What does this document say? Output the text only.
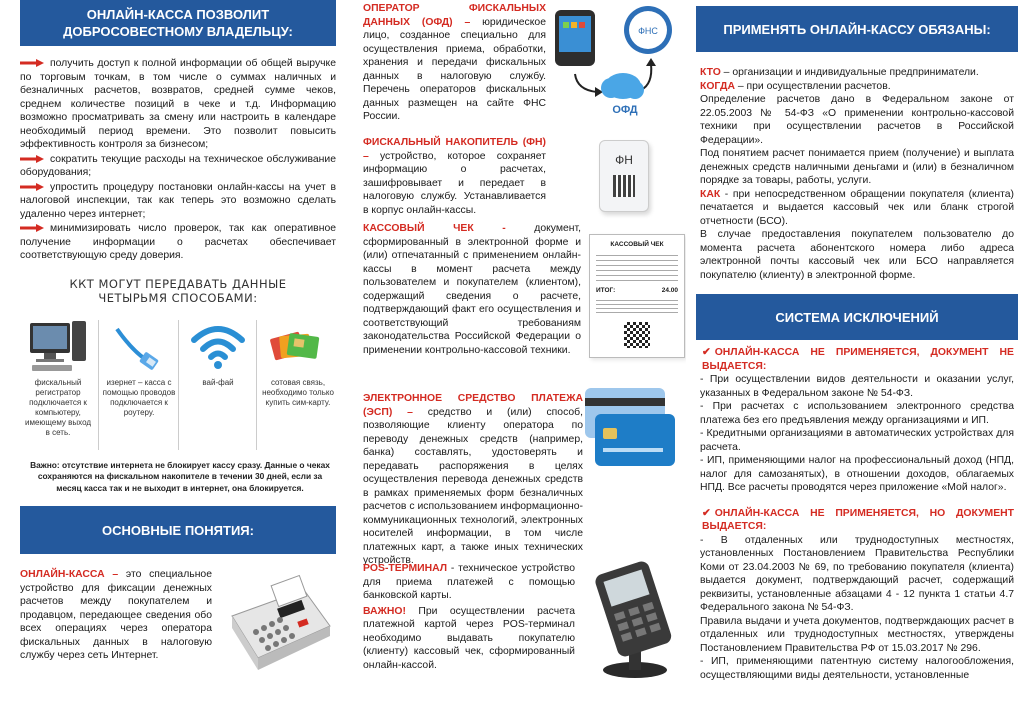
ОНЛАЙН-КАССА ПОЗВОЛИТ
ДОБРОСОВЕСТНОМУ ВЛАДЕЛЬЦУ:

получить доступ к полной информации об общей выручке по торговым точкам, в том числе о суммах наличных и безналичных расчетов, возвратов, средней сумме чеков, среднем количестве позиций в чеке и т.д. Информацию возможно просматривать за смену или настроить в календаре необходимый период времени. Это позволит повысить эффективность контроля за бизнесом;

сократить текущие расходы на техническое обслуживание оборудования;

упростить процедуру постановки онлайн-кассы на учет в налоговой инспекции, так как теперь это возможно сделать удаленно через интернет;

минимизировать число проверок, так как оперативное получение информации о расчетах обеспечивает соответствующую среду доверия.

ККТ МОГУТ ПЕРЕДАВАТЬ ДАННЫЕ
ЧЕТЫРЬМЯ СПОСОБАМИ:
фискальный регистратор подключается к компьютеру, имеющему выход в сеть.
изернет – касса с помощью проводов подключается к роутеру.
вай-фай	сотовая связь, необходимо только купить сим-карту.
Важно: отсутствие интернета не блокирует кассу сразу. Данные о чеках сохраняются на фискальном накопителе в течении 30 дней, если за месяц касса так и не выходит в интернет, она блокируется.
ОСНОВНЫЕ ПОНЯТИЯ:

ОНЛАЙН-КАССА – это специальное устройство для фиксации денежных расчетов между покупателем и продавцом, передающее сведения обо всех операциях через оператора фискальных данных в налоговую службу через сеть Интернет.

ОПЕРАТОР ФИСКАЛЬНЫХ ДАННЫХ (ОФД) – юридическое лицо, созданное специально для осуществления приема, обработки, хранения и передачи фискальных данных в налоговую службу. Перечень операторов фискальных данных размещен на сайте ФНС России.

ФНС
ОФД

ФИСКАЛЬНЫЙ НАКОПИТЕЛЬ (ФН) – устройство, которое сохраняет информацию о расчетах, зашифровывает и передает в налоговую службу. Устанавливается в корпус онлайн-кассы.

ФН

КАССОВЫЙ ЧЕК - документ, сформированный в электронной форме и (или) отпечатанный с применением онлайн-кассы в момент расчета между пользователем и покупателем (клиентом), содержащий сведения о расчете, подтверждающий факт его осуществления и соответствующий требованиям законодательства Российской Федерации о применении контрольно-кассовой техники.

КАССОВЫЙ ЧЕК
ИТОГ:	24.00

ЭЛЕКТРОННОЕ СРЕДСТВО ПЛАТЕЖА (ЭСП) – средство и (или) способ, позволяющие клиенту оператора по переводу денежных средств (например, банка) составлять, удостоверять и передавать распоряжения в целях осуществления перевода денежных средств в рамках применяемых форм безналичных расчетов с использованием информационно-коммуникационных технологий, электронных носителей информации, в том числе платежных карт, а также иных технических устройств.

POS-ТЕРМИНАЛ - техническое устройство для приема платежей с помощью банковской карты.

ВАЖНО! При осуществлении расчета платежной картой через POS-терминал необходимо выдавать покупателю (клиенту) кассовый чек, сформированный онлайн-кассой.

ПРИМЕНЯТЬ ОНЛАЙН-КАССУ ОБЯЗАНЫ:

КТО – организации и индивидуальные предприниматели.

КОГДА – при осуществлении расчетов.

Определение расчетов дано в Федеральном законе от 22.05.2003 № 54-ФЗ «О применении контрольно-кассовой техники при осуществлении расчетов в Российской Федерации».

Под понятием расчет понимается прием (получение) и выплата денежных средств наличными деньгами и (или) в безналичном порядке за товары, работы, услуги.

КАК - при непосредственном обращении покупателя (клиента) печатается и выдается кассовый чек или бланк строгой отчетности (БСО).

В случае предоставления покупателем пользователю до момента расчета абонентского номера либо адреса электронной почты кассовый чек или БСО направляется покупателю (клиенту) в электронной форме.

СИСТЕМА ИСКЛЮЧЕНИЙ

✔ ОНЛАЙН-КАССА НЕ ПРИМЕНЯЕТСЯ, ДОКУМЕНТ НЕ ВЫДАЕТСЯ:

- При осуществлении видов деятельности и оказании услуг, указанных в Федеральном законе № 54-ФЗ.

- При расчетах с использованием электронного средства платежа без его предъявления между организациями и ИП.

- Кредитными организациями в автоматических устройствах для расчета.

- ИП, применяющими налог на профессиональный доход (НПД, налог для самозанятых), в отношении доходов, облагаемых НПД. Все расчеты проводятся через приложение «Мой налог».

✔ ОНЛАЙН-КАССА НЕ ПРИМЕНЯЕТСЯ, НО ДОКУМЕНТ ВЫДАЕТСЯ:

- В отдаленных или труднодоступных местностях, установленных Постановлением Правительства Республики Коми от 23.04.2003 № 69, по требованию покупателя (клиента) выдается документ, подтверждающий расчет, содержащий реквизиты, установленные абзацами 4 - 12 пункта 1 статьи 4.7 Федерального закона № 54-ФЗ.

Правила выдачи и учета документов, подтверждающих расчет в отдаленных или труднодоступных местностях, утверждены Постановлением Правительства РФ от 15.03.2017 № 296.

- ИП, применяющими патентную систему налогообложения, осуществляющими виды деятельности, установленные
